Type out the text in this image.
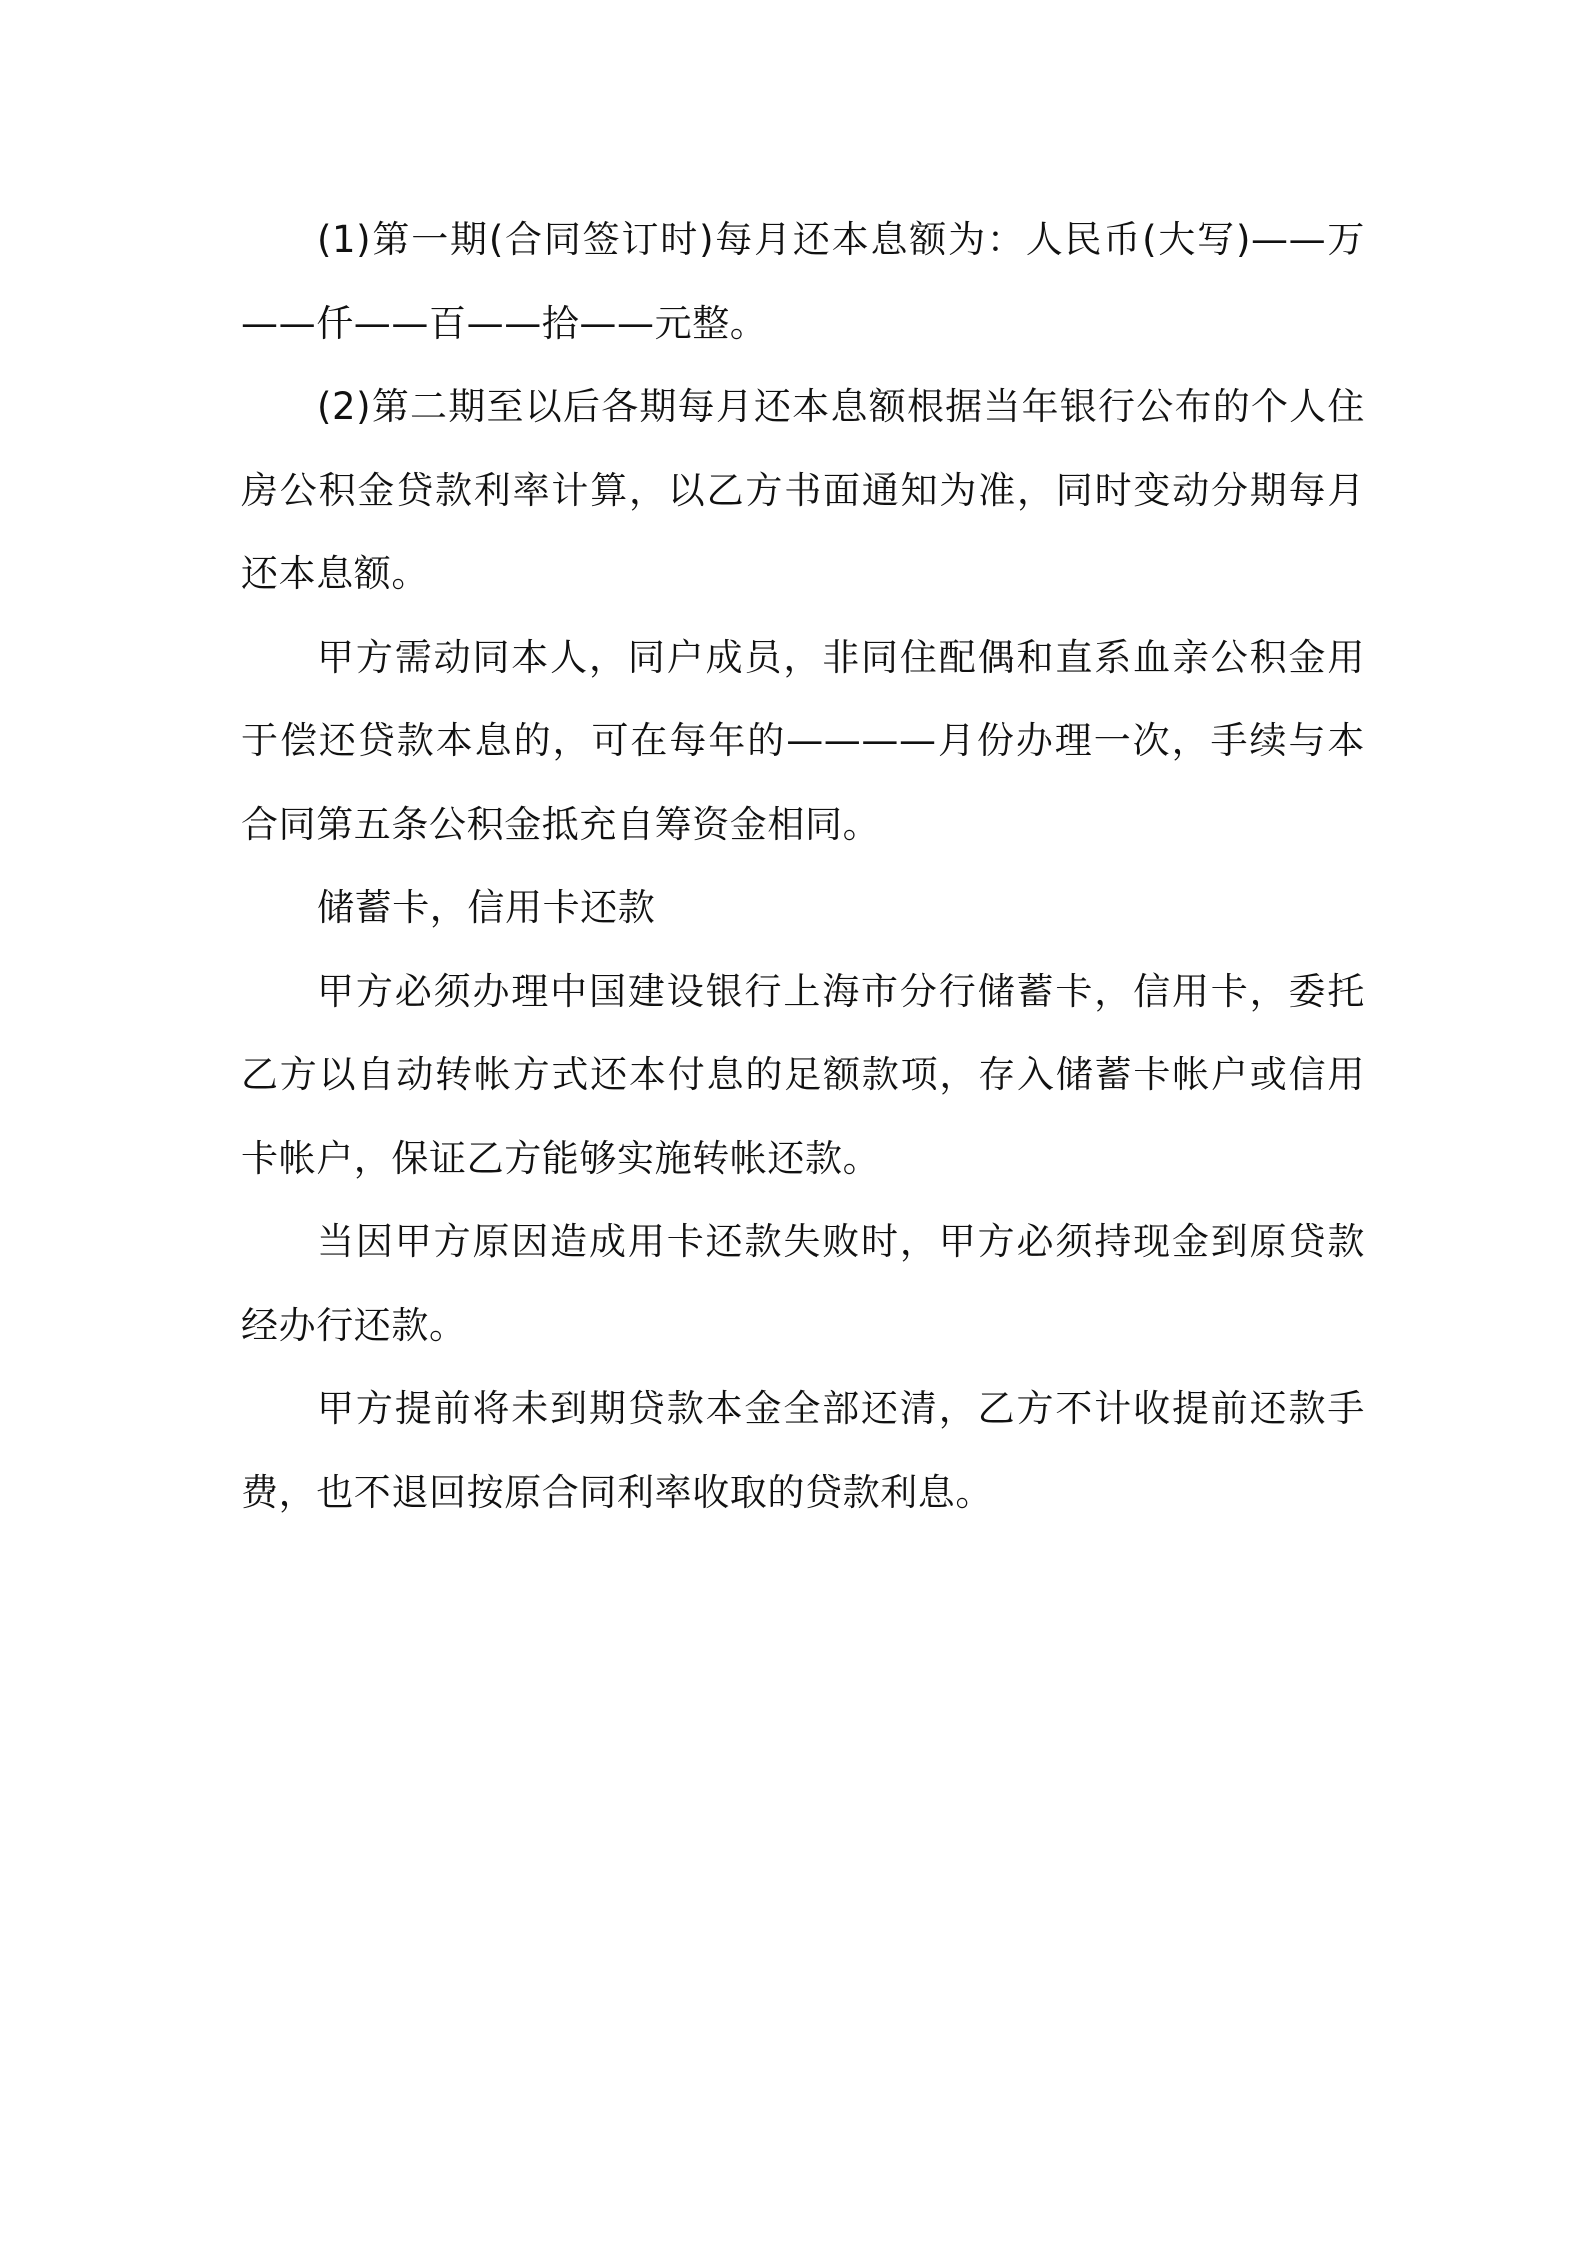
(1)第一期(合同签订时)每月还本息额为：人民币(大写)——万——仟——百——拾——元整。

(2)第二期至以后各期每月还本息额根据当年银行公布的个人住房公积金贷款利率计算，以乙方书面通知为准，同时变动分期每月还本息额。

甲方需动同本人，同户成员，非同住配偶和直系血亲公积金用于偿还贷款本息的，可在每年的————月份办理一次，手续与本合同第五条公积金抵充自筹资金相同。

储蓄卡，信用卡还款

甲方必须办理中国建设银行上海市分行储蓄卡，信用卡，委托乙方以自动转帐方式还本付息的足额款项，存入储蓄卡帐户或信用卡帐户，保证乙方能够实施转帐还款。

当因甲方原因造成用卡还款失败时，甲方必须持现金到原贷款经办行还款。

甲方提前将未到期贷款本金全部还清，乙方不计收提前还款手费，也不退回按原合同利率收取的贷款利息。
